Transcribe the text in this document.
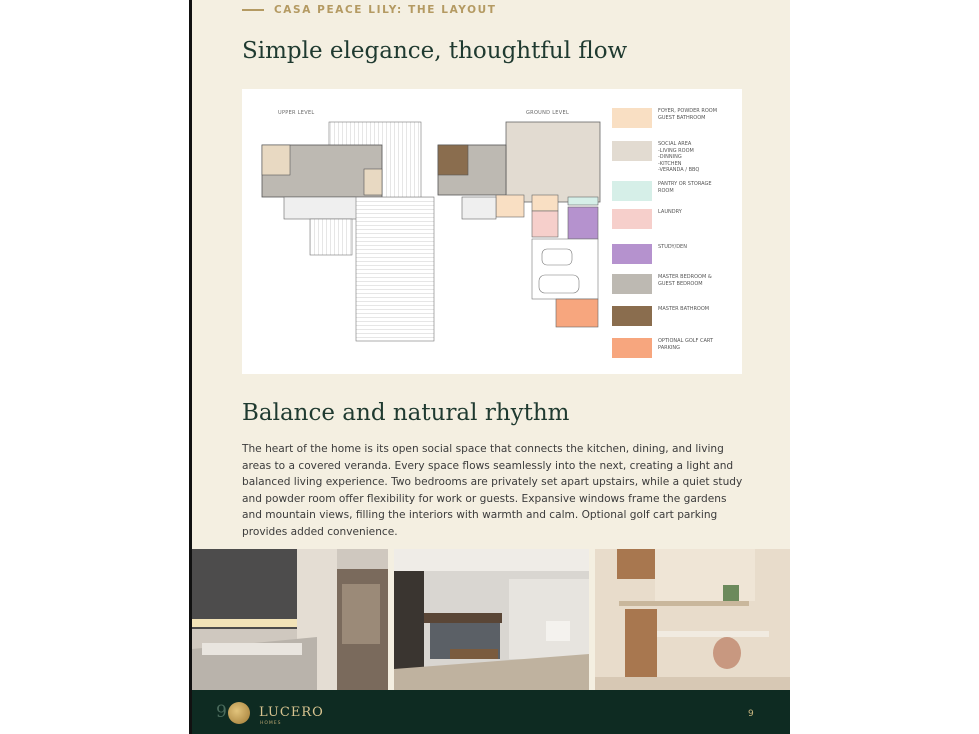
CASA PEACE LILY: THE LAYOUT
Simple elegance, thoughtful flow
UPPER LEVEL	GROUND LEVEL	FOYER, POWDER ROOM
GUEST BATHROOM
SOCIAL AREA
-LIVING ROOM
-DINNING
-KITCHEN
-VERANDA / BBQ
PANTRY OR STORAGE
ROOM
LAUNDRY
STUDY/DEN
MASTER BEDROOM &
GUEST BEDROOM
MASTER BATHROOM
OPTIONAL GOLF CART
PARKING
Balance and natural rhythm

The heart of the home is its open social space that connects the kitchen, dining, and living areas to a covered veranda. Every space flows seamlessly into the next, creating a light and balanced living experience. Two bedrooms are privately set apart upstairs, while a quiet study and powder room offer flexibility for work or guests. Expansive windows frame the gardens and mountain views, filling the interiors with warmth and calm. Optional golf cart parking provides added convenience.

9 LUCERO
HOMES
9
